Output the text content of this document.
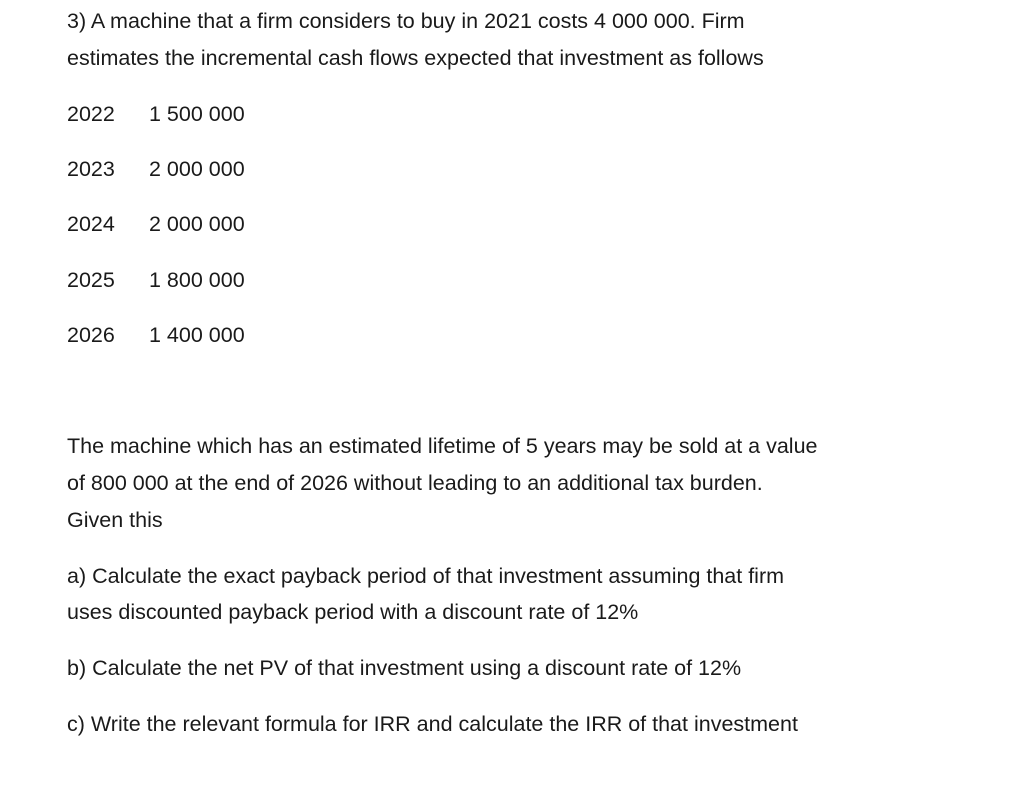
3) A machine that a firm considers to buy in 2021 costs 4 000 000. Firm
estimates the incremental cash flows expected that investment as follows
2022 1 500 000
2023 2 000 000
2024 2 000 000
2025 1 800 000
2026 1 400 000
The machine which has an estimated lifetime of 5 years may be sold at a value
of 800 000 at the end of 2026 without leading to an additional tax burden.
Given this
a) Calculate the exact payback period of that investment assuming that firm
uses discounted payback period with a discount rate of 12%
b) Calculate the net PV of that investment using a discount rate of 12%
c) Write the relevant formula for IRR and calculate the IRR of that investment
